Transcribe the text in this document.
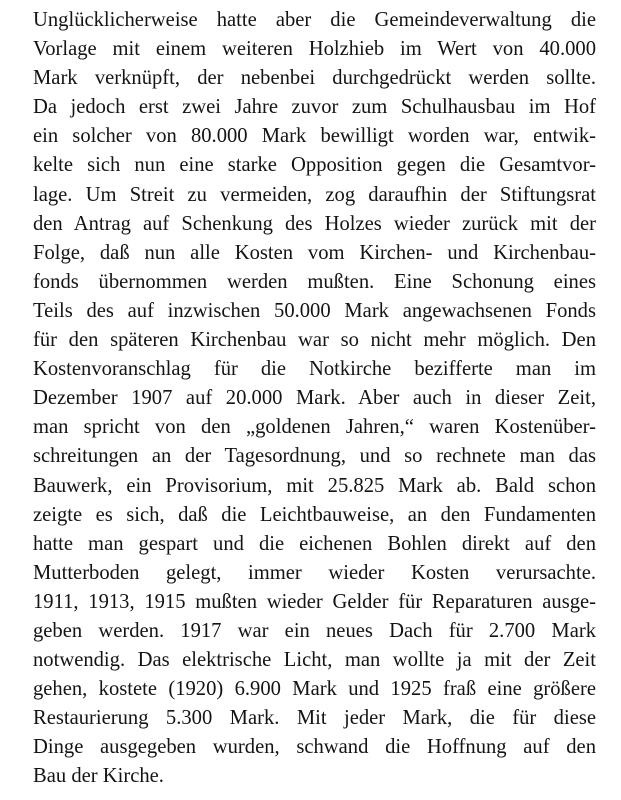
Unglücklicherweise hatte aber die Gemeindeverwaltung die
Vorlage mit einem weiteren Holzhieb im Wert von 40.000
Mark verknüpft, der nebenbei durchgedrückt werden sollte.
Da jedoch erst zwei Jahre zuvor zum Schulhausbau im Hof
ein solcher von 80.000 Mark bewilligt worden war, entwik-
kelte sich nun eine starke Opposition gegen die Gesamtvor-
lage. Um Streit zu vermeiden, zog daraufhin der Stiftungsrat
den Antrag auf Schenkung des Holzes wieder zurück mit der
Folge, daß nun alle Kosten vom Kirchen- und Kirchenbau-
fonds übernommen werden mußten. Eine Schonung eines
Teils des auf inzwischen 50.000 Mark angewachsenen Fonds
für den späteren Kirchenbau war so nicht mehr möglich. Den
Kostenvoranschlag für die Notkirche bezifferte man im
Dezember 1907 auf 20.000 Mark. Aber auch in dieser Zeit,
man spricht von den „goldenen Jahren,“ waren Kostenüber-
schreitungen an der Tagesordnung, und so rechnete man das
Bauwerk, ein Provisorium, mit 25.825 Mark ab. Bald schon
zeigte es sich, daß die Leichtbauweise, an den Fundamenten
hatte man gespart und die eichenen Bohlen direkt auf den
Mutterboden gelegt, immer wieder Kosten verursachte.
1911, 1913, 1915 mußten wieder Gelder für Reparaturen ausge-
geben werden. 1917 war ein neues Dach für 2.700 Mark
notwendig. Das elektrische Licht, man wollte ja mit der Zeit
gehen, kostete (1920) 6.900 Mark und 1925 fraß eine größere
Restaurierung 5.300 Mark. Mit jeder Mark, die für diese
Dinge ausgegeben wurden, schwand die Hoffnung auf den
Bau der Kirche.
